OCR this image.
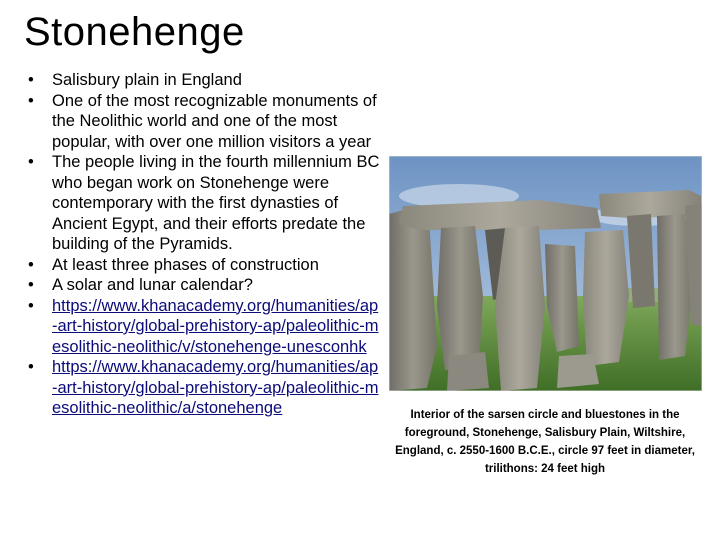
Stonehenge
• Salisbury plain in England
• One of the most recognizable monuments of the Neolithic world and one of the most popular, with over one million visitors a year
• The people living in the fourth millennium BC who began work on Stonehenge were contemporary with the first dynasties of Ancient Egypt, and their efforts predate the building of the Pyramids.
• At least three phases of construction
• A solar and lunar calendar?
• https://www.khanacademy.org/humanities/ap-art-history/global-prehistory-ap/paleolithic-mesolithic-neolithic/v/stonehenge-unesconhk
• https://www.khanacademy.org/humanities/ap-art-history/global-prehistory-ap/paleolithic-mesolithic-neolithic/a/stonehenge	Interior of the sarsen circle and bluestones in the foreground, Stonehenge, Salisbury Plain, Wiltshire, England, c. 2550-1600 B.C.E., circle 97 feet in diameter, trilithons: 24 feet high
